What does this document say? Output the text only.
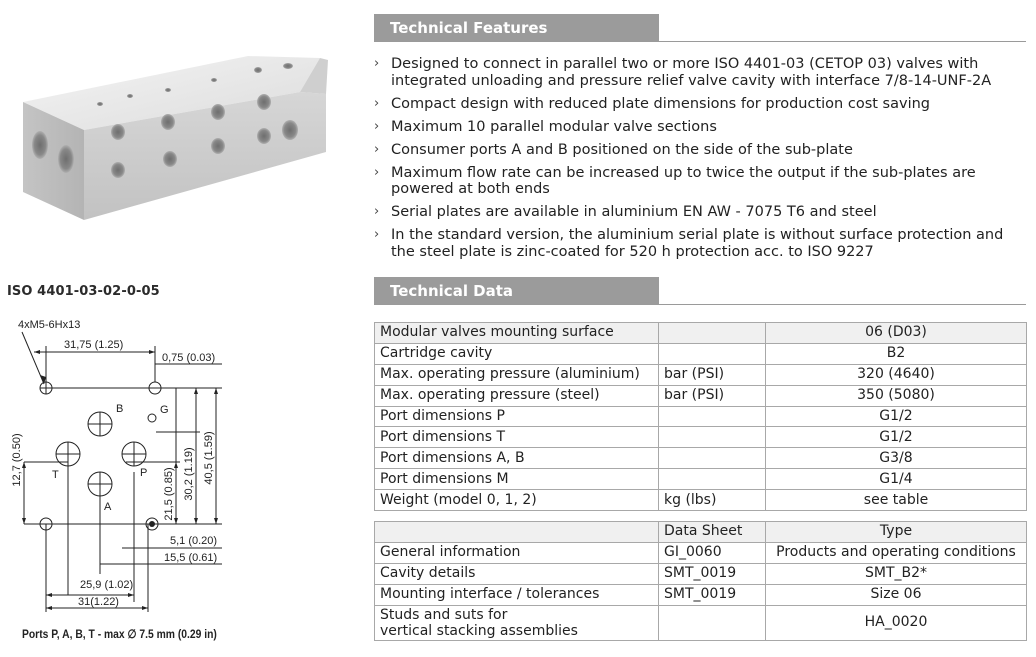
ISO 4401-03-02-0-05
4xM5-6Hx13
31,75 (1.25)
0,75 (0.03)
B	G
T	P
A
12,7 (0.50)
21,5 (0.85) 30,2 (1.19) 40,5 (1.59)
5,1 (0.20)
15,5 (0.61)
25,9 (1.02)
31(1.22)
Ports P, A, B, T - max ∅ 7.5 mm (0.29 in)
Technical Features
› Designed to connect in parallel two or more ISO 4401-03 (CETOP 03) valves with integrated unloading and pressure relief valve cavity with interface 7/8-14-UNF-2A
› Compact design with reduced plate dimensions for production cost saving
› Maximum 10 parallel modular valve sections
› Consumer ports A and B positioned on the side of the sub-plate
› Maximum flow rate can be increased up to twice the output if the sub-plates are powered at both ends
› Serial plates are available in aluminium EN AW - 7075 T6 and steel
› In the standard version, the aluminium serial plate is without surface protection and the steel plate is zinc-coated for 520 h protection acc. to ISO 9227
Technical Data
Modular valves mounting surface		06 (D03)
Cartridge cavity		B2
Max. operating pressure (aluminium)	bar (PSI)	320 (4640)
Max. operating pressure (steel)	bar (PSI)	350 (5080)
Port dimensions P		G1/2
Port dimensions T		G1/2
Port dimensions A, B		G3/8
Port dimensions M		G1/4
Weight (model 0, 1, 2)	kg (lbs)	see table
	Data Sheet	Type
General information	GI_0060	Products and operating conditions
Cavity details	SMT_0019	SMT_B2*
Mounting interface / tolerances	SMT_0019	Size 06
Studs and suts for
vertical stacking assemblies		HA_0020
